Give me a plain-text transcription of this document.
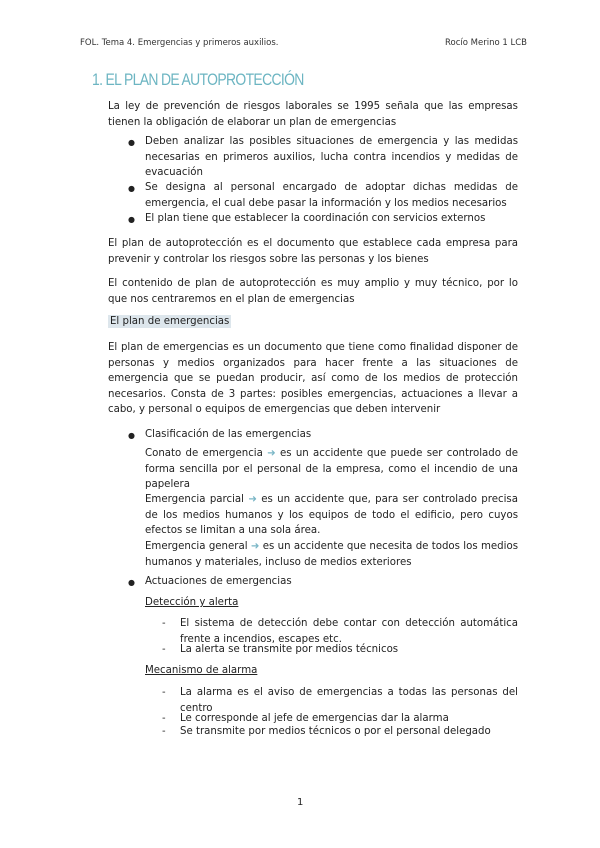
FOL. Tema 4. Emergencias y primeros auxilios.	Rocío Merino 1 LCB
1. EL PLAN DE AUTOPROTECCIÓN
La ley de prevención de riesgos laborales se 1995 señala que las empresas tienen la obligación de elaborar un plan de emergencias
● Deben analizar las posibles situaciones de emergencia y las medidas necesarias en primeros auxilios, lucha contra incendios y medidas de evacuación
● Se designa al personal encargado de adoptar dichas medidas de emergencia, el cual debe pasar la información y los medios necesarios
● El plan tiene que establecer la coordinación con servicios externos
El plan de autoprotección es el documento que establece cada empresa para prevenir y controlar los riesgos sobre las personas y los bienes
El contenido de plan de autoprotección es muy amplio y muy técnico, por lo que nos centraremos en el plan de emergencias
El plan de emergencias
El plan de emergencias es un documento que tiene como finalidad disponer de personas y medios organizados para hacer frente a las situaciones de emergencia que se puedan producir, así como de los medios de protección necesarios. Consta de 3 partes: posibles emergencias, actuaciones a llevar a cabo, y personal o equipos de emergencias que deben intervenir
● Clasificación de las emergencias
Conato de emergencia ➜ es un accidente que puede ser controlado de forma sencilla por el personal de la empresa, como el incendio de una papelera
Emergencia parcial ➜ es un accidente que, para ser controlado precisa de los medios humanos y los equipos de todo el edificio, pero cuyos efectos se limitan a una sola área.
Emergencia general ➜ es un accidente que necesita de todos los medios humanos y materiales, incluso de medios exteriores
● Actuaciones de emergencias
Detección y alerta
- El sistema de detección debe contar con detección automática frente a incendios, escapes etc.
- La alerta se transmite por medios técnicos
Mecanismo de alarma
- La alarma es el aviso de emergencias a todas las personas del centro
- Le corresponde al jefe de emergencias dar la alarma
- Se transmite por medios técnicos o por el personal delegado
1
